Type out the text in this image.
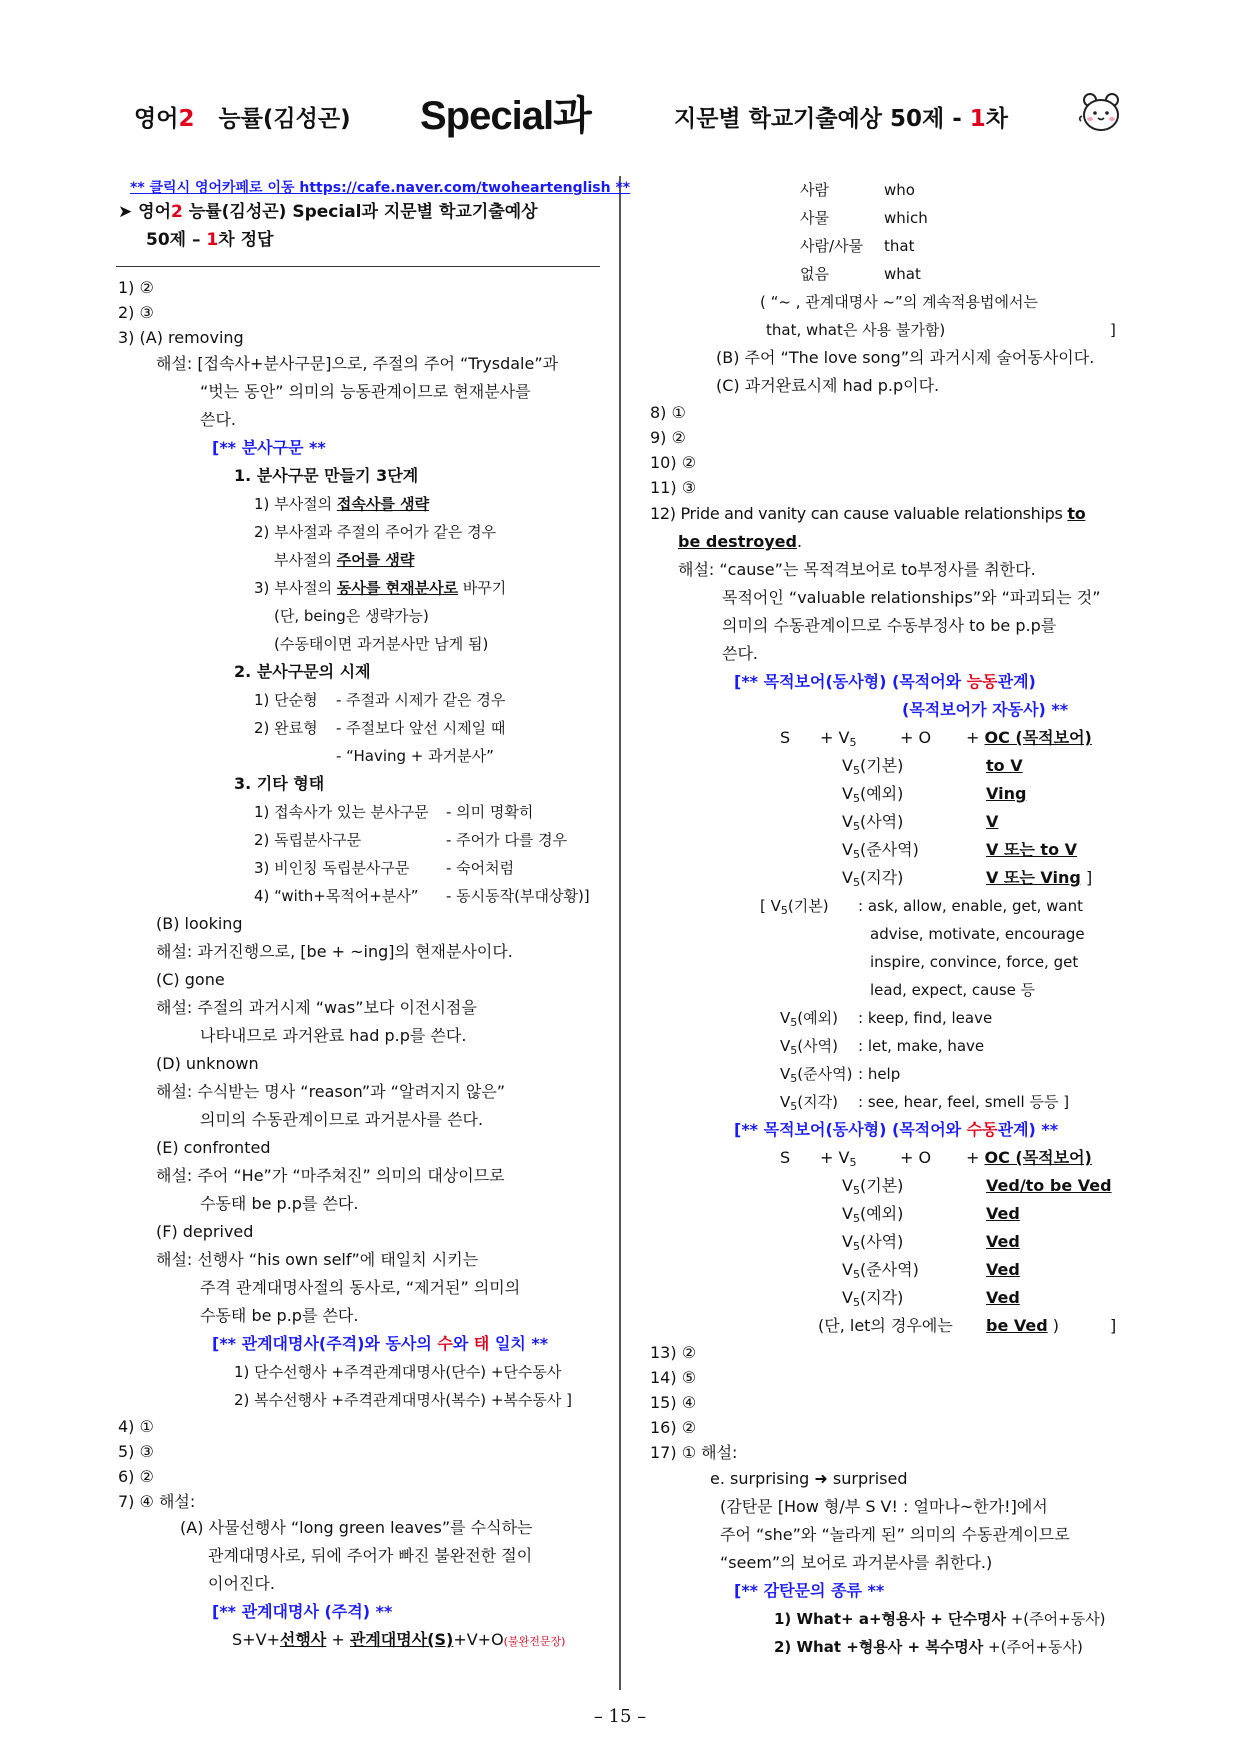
영어2 능률(김성곤) Special과	지문별 학교기출예상 50제 - 1차
** 클릭시 영어카페로 이동 https://cafe.naver.com/twoheartenglish **
➤ 영어2 능률(김성곤) Special과 지문별 학교기출예상
50제 – 1차 정답
1) ②
2) ③
3) (A) removing
해설: [접속사+분사구문]으로, 주절의 주어 “Trysdale”과
“벗는 동안” 의미의 능동관계이므로 현재분사를
쓴다.
[** 분사구문 **
1. 분사구문 만들기 3단계
1) 부사절의 접속사를 생략
2) 부사절과 주절의 주어가 같은 경우
부사절의 주어를 생략
3) 부사절의 동사를 현재분사로 바꾸기
(단, being은 생략가능)
(수동태이면 과거분사만 남게 됨)
2. 분사구문의 시제
1) 단순형 - 주절과 시제가 같은 경우
2) 완료형 - 주절보다 앞선 시제일 때
- “Having + 과거분사”
3. 기타 형태
1) 접속사가 있는 분사구문 - 의미 명확히
2) 독립분사구문	- 주어가 다를 경우
3) 비인칭 독립분사구문 - 숙어처럼
4) “with+목적어+분사” - 동시동작(부대상황)]
(B) looking
해설: 과거진행으로, [be + ~ing]의 현재분사이다.
(C) gone
해설: 주절의 과거시제 “was”보다 이전시점을
나타내므로 과거완료 had p.p를 쓴다.
(D) unknown
해설: 수식받는 명사 “reason”과 “알려지지 않은”
의미의 수동관계이므로 과거분사를 쓴다.
(E) confronted
해설: 주어 “He”가 “마주쳐진” 의미의 대상이므로
수동태 be p.p를 쓴다.
(F) deprived
해설: 선행사 “his own self”에 태일치 시키는
주격 관계대명사절의 동사로, “제거된” 의미의
수동태 be p.p를 쓴다.
[** 관계대명사(주격)와 동사의 수와 태 일치 **
1) 단수선행사 +주격관계대명사(단수) +단수동사
2) 복수선행사 +주격관계대명사(복수) +복수동사 ]
4) ①
5) ③
6) ②
7) ④ 해설:
(A) 사물선행사 “long green leaves”를 수식하는
관계대명사로, 뒤에 주어가 빠진 불완전한 절이
이어진다.
[** 관계대명사 (주격) **
S+V+선행사 + 관계대명사(S)+V+O(불완전문장)
사람	who
사물	which
사람/사물 that
없음	what
( “~ , 관계대명사 ~”의 계속적용법에서는
that, what은 사용 불가함)	]
(B) 주어 “The love song”의 과거시제 술어동사이다.
(C) 과거완료시제 had p.p이다.
8) ①
9) ②
10) ②
11) ③
12) Pride and vanity can cause valuable relationships to
be destroyed.
해설: “cause”는 목적격보어로 to부정사를 취한다.
목적어인 “valuable relationships”와 “파괴되는 것”
의미의 수동관계이므로 수동부정사 to be p.p를
쓴다.
[** 목적보어(동사형) (목적어와 능동관계)
(목적보어가 자동사) **
$S + V_5$	+ O + OC (목적보어)
$V_5$(기본)	to V
$V_5$(예외)	Ving
$V_5$(사역)	V
$V_5$(준사역)	V 또는 to V
$V_5$(지각)	V 또는 Ving ]
[ $V_5$(기본) : ask, allow, enable, get, want
advise, motivate, encourage
inspire, convince, force, get
lead, expect, cause 등
$V_5$(예외) : keep, find, leave
$V_5$(사역) : let, make, have
$V_5$(준사역) : help
$V_5$(지각) : see, hear, feel, smell 등등 ]
[** 목적보어(동사형) (목적어와 수동관계) **
$S + V_5$	+ O + OC (목적보어)
$V_5$(기본)	Ved/to be Ved
$V_5$(예외)	Ved
$V_5$(사역)	Ved
$V_5$(준사역)	Ved
$V_5$(지각)	Ved
(단, let의 경우에는 be Ved )	]
13) ②
14) ⑤
15) ④
16) ②
17) ① 해설:
e. surprising ➜ surprised
(감탄문 [How 형/부 S V! : 얼마나~한가!]에서
주어 “she”와 “놀라게 된” 의미의 수동관계이므로
“seem”의 보어로 과거분사를 취한다.)
[** 감탄문의 종류 **
1) What+ a+형용사 + 단수명사 +(주어+동사)
2) What +형용사 + 복수명사 +(주어+동사)
– 15 –
